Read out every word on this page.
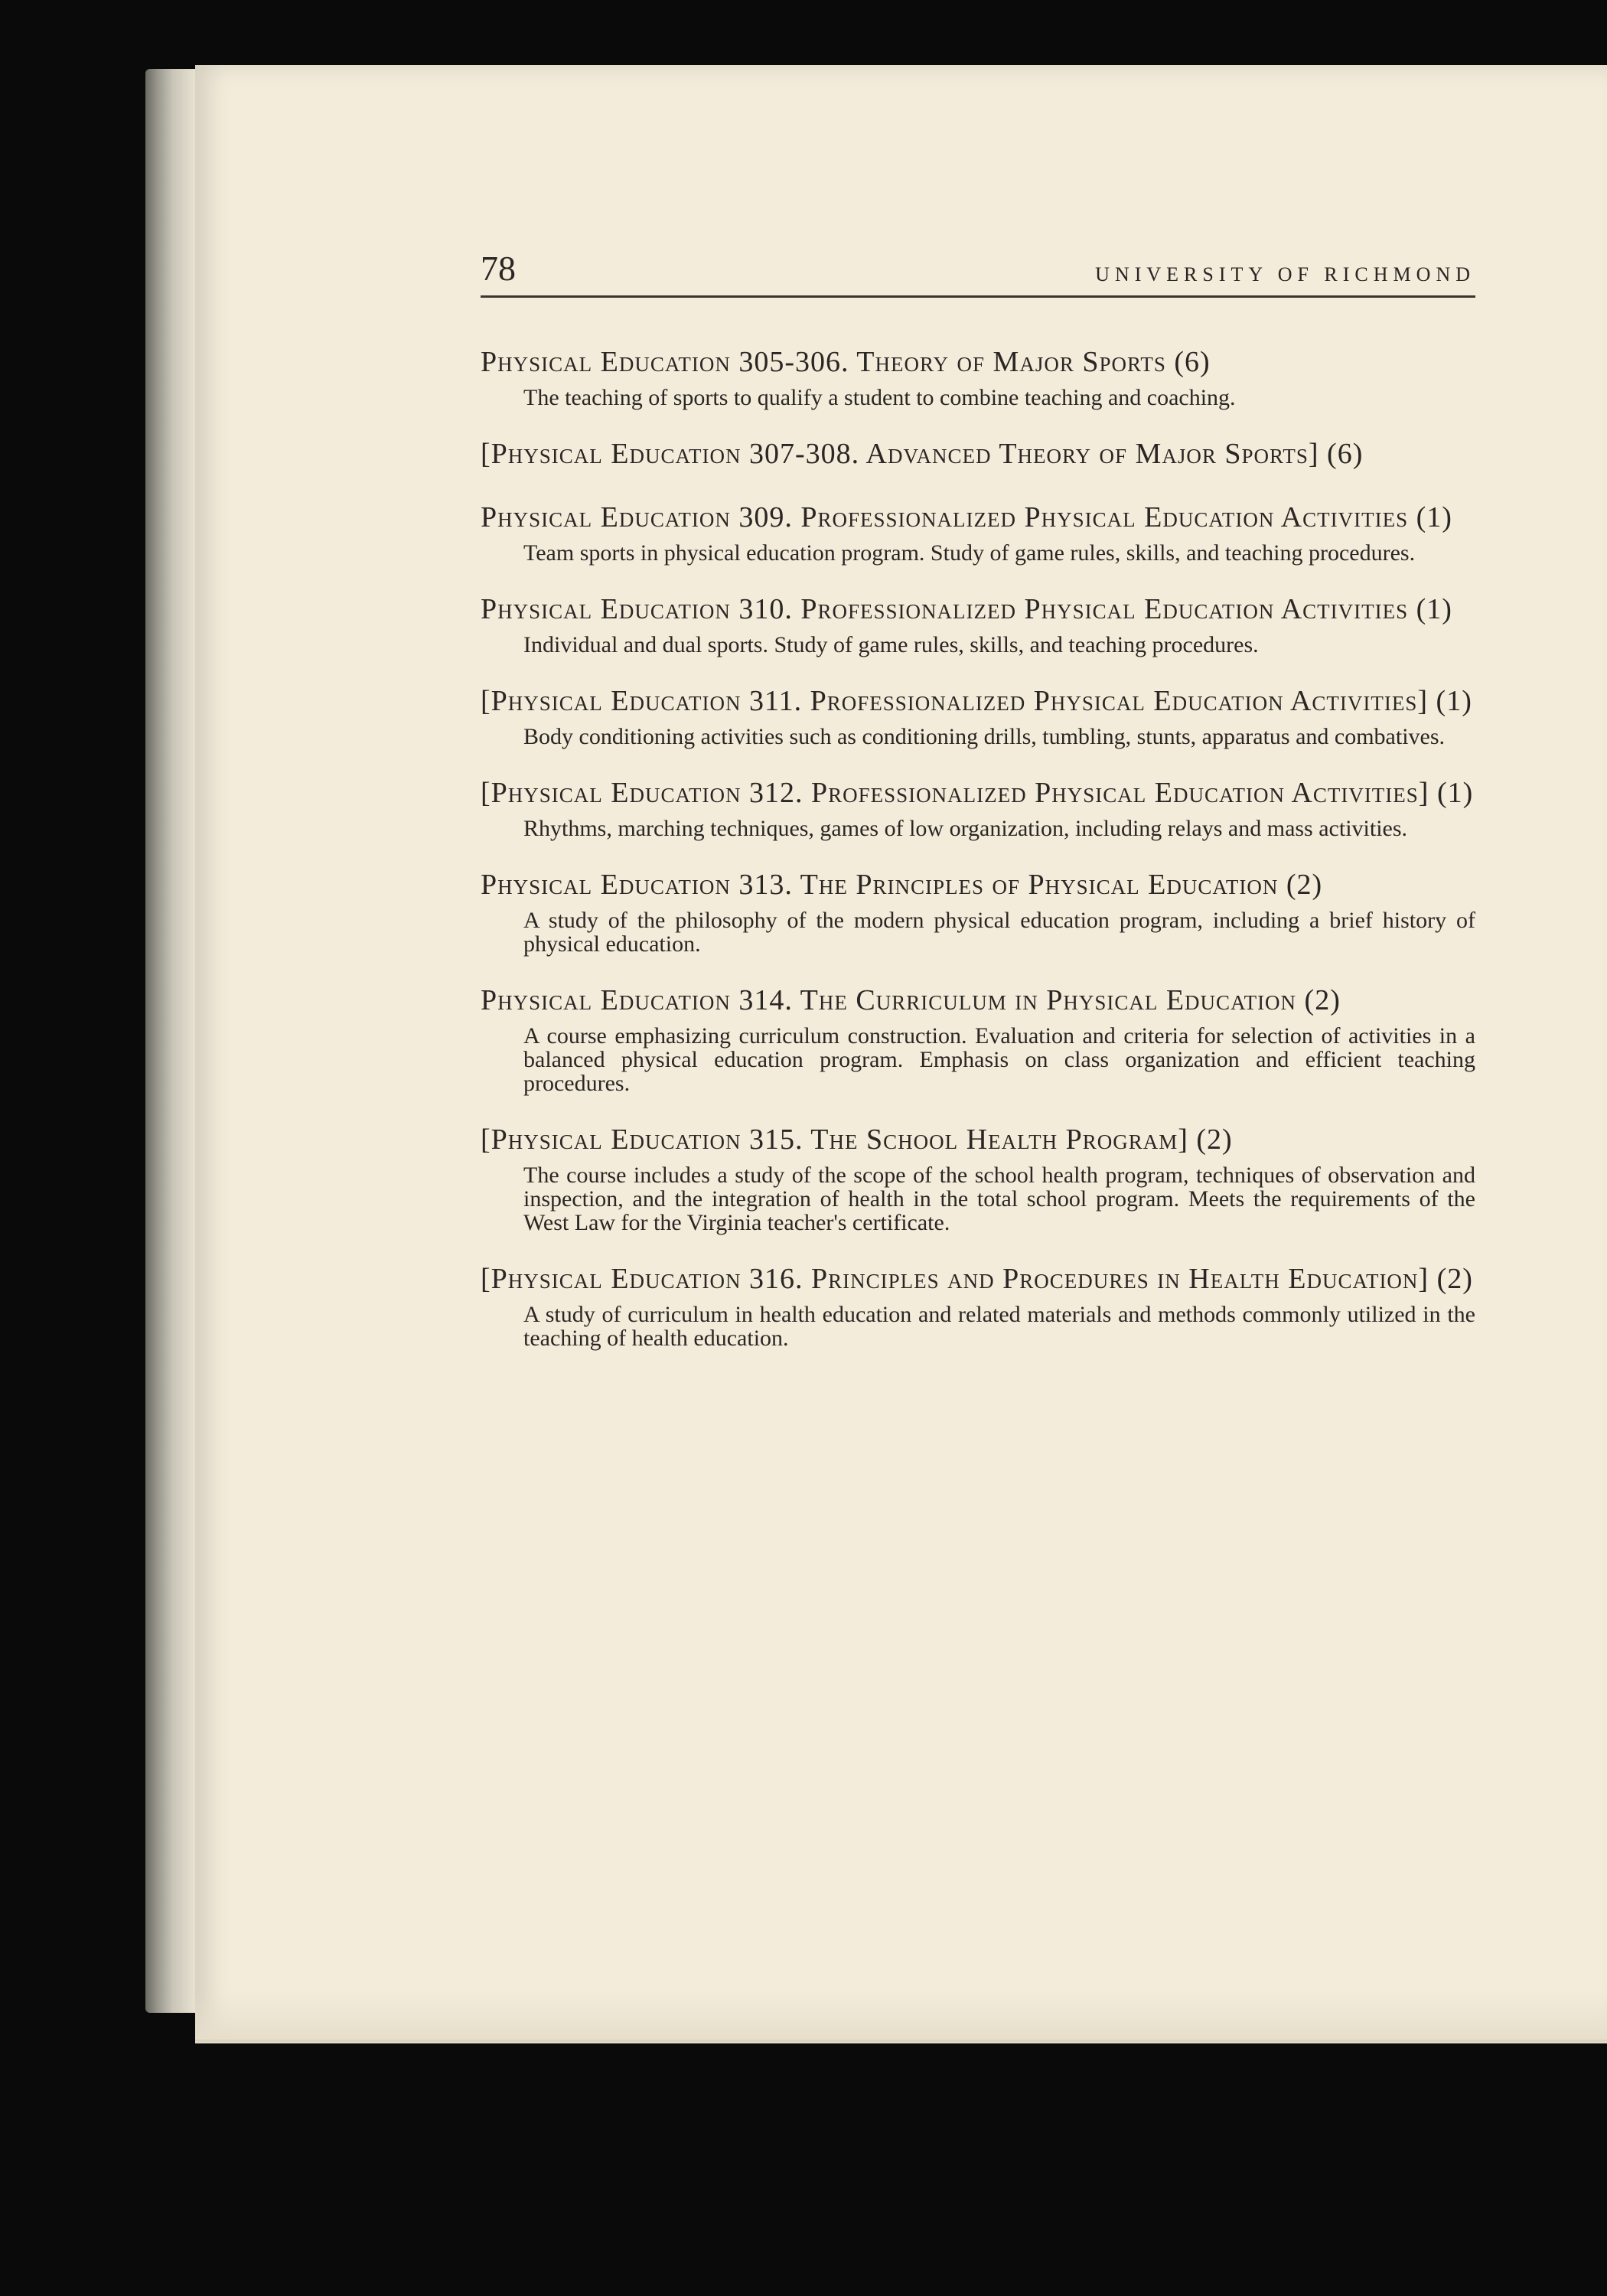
78	UNIVERSITY OF RICHMOND
Physical Education 305-306. Theory of Major Sports (6)
The teaching of sports to qualify a student to combine teaching and coaching.
[Physical Education 307-308. Advanced Theory of Major Sports] (6)
Physical Education 309. Professionalized Physical Education Activities (1)
Team sports in physical education program. Study of game rules, skills, and teaching procedures.
Physical Education 310. Professionalized Physical Education Activities (1)
Individual and dual sports. Study of game rules, skills, and teaching procedures.
[Physical Education 311. Professionalized Physical Education Activities] (1)
Body conditioning activities such as conditioning drills, tumbling, stunts, apparatus and combatives.
[Physical Education 312. Professionalized Physical Education Activities] (1)
Rhythms, marching techniques, games of low organization, including relays and mass activities.
Physical Education 313. The Principles of Physical Education (2)
A study of the philosophy of the modern physical education program, including a brief history of physical education.
Physical Education 314. The Curriculum in Physical Education (2)
A course emphasizing curriculum construction. Evaluation and criteria for selection of activities in a balanced physical education program. Emphasis on class organization and efficient teaching procedures.
[Physical Education 315. The School Health Program] (2)
The course includes a study of the scope of the school health program, techniques of observation and inspection, and the integration of health in the total school program. Meets the requirements of the West Law for the Virginia teacher's certificate.
[Physical Education 316. Principles and Procedures in Health Education] (2)
A study of curriculum in health education and related materials and methods commonly utilized in the teaching of health education.
